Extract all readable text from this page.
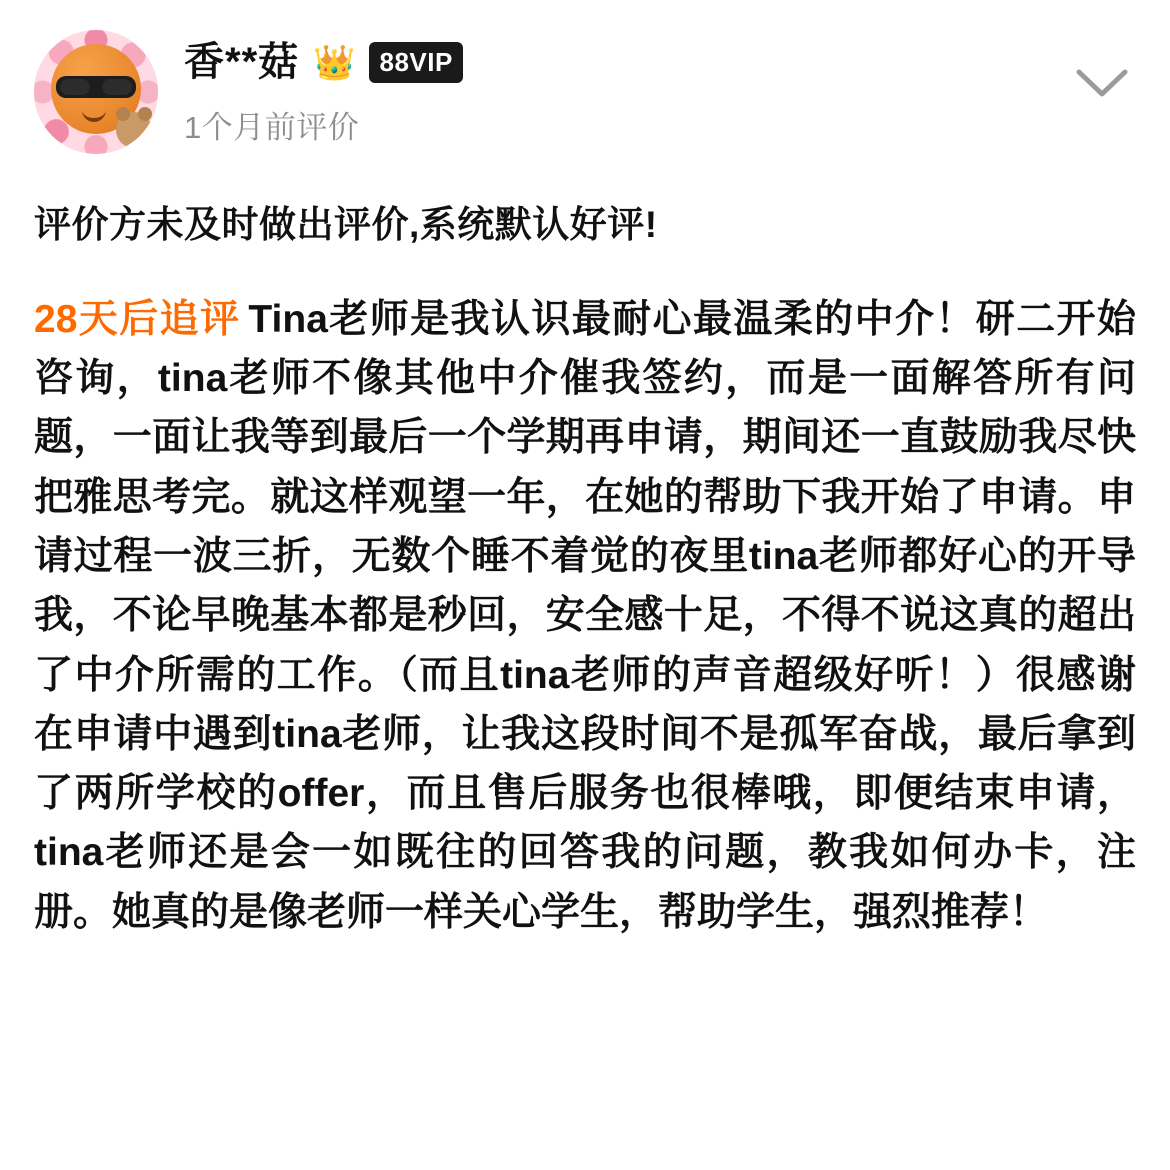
香**菇 👑 88VIP
1个月前评价
评价方未及时做出评价,系统默认好评!
28天后追评 Tina老师是我认识最耐心最温柔的中介！研二开始咨询，tina老师不像其他中介催我签约，而是一面解答所有问题，一面让我等到最后一个学期再申请，期间还一直鼓励我尽快把雅思考完。就这样观望一年，在她的帮助下我开始了申请。申请过程一波三折，无数个睡不着觉的夜里tina老师都好心的开导我，不论早晚基本都是秒回，安全感十足，不得不说这真的超出了中介所需的工作。（而且tina老师的声音超级好听！）很感谢在申请中遇到tina老师，让我这段时间不是孤军奋战，最后拿到了两所学校的offer，而且售后服务也很棒哦，即便结束申请，tina老师还是会一如既往的回答我的问题，教我如何办卡，注册。她真的是像老师一样关心学生，帮助学生，强烈推荐！
